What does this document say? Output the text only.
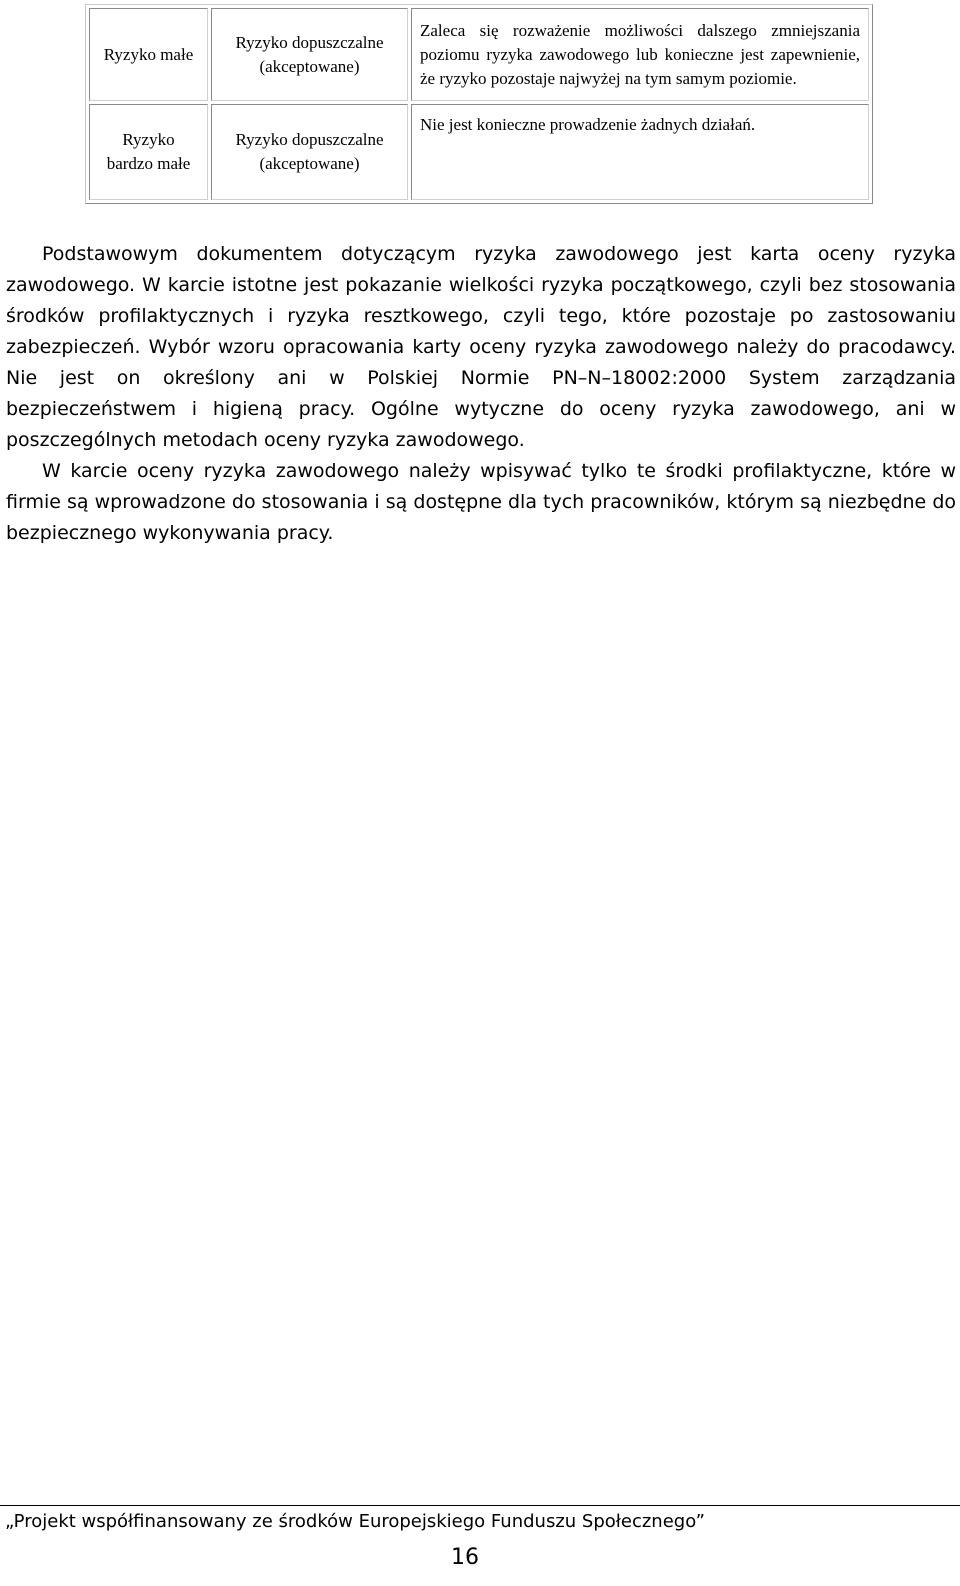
Ryzyko małe	Ryzyko dopuszczalne (akceptowane)	Zaleca się rozważenie możliwości dalszego zmniejszania poziomu ryzyka zawodowego lub konieczne jest zapewnienie, że ryzyko pozostaje najwyżej na tym samym poziomie.
Ryzyko bardzo małe	Ryzyko dopuszczalne (akceptowane)	Nie jest konieczne prowadzenie żadnych działań.

Podstawowym dokumentem dotyczącym ryzyka zawodowego jest karta oceny ryzyka zawodowego. W karcie istotne jest pokazanie wielkości ryzyka początkowego, czyli bez stosowania środków profilaktycznych i ryzyka resztkowego, czyli tego, które pozostaje po zastosowaniu zabezpieczeń. Wybór wzoru opracowania karty oceny ryzyka zawodowego należy do pracodawcy. Nie jest on określony ani w Polskiej Normie PN–N–18002:2000 System zarządzania bezpieczeństwem i higieną pracy. Ogólne wytyczne do oceny ryzyka zawodowego, ani w poszczególnych metodach oceny ryzyka zawodowego.

W karcie oceny ryzyka zawodowego należy wpisywać tylko te środki profilaktyczne, które w firmie są wprowadzone do stosowania i są dostępne dla tych pracowników, którym są niezbędne do bezpiecznego wykonywania pracy.

„Projekt współfinansowany ze środków Europejskiego Funduszu Społecznego”
16
